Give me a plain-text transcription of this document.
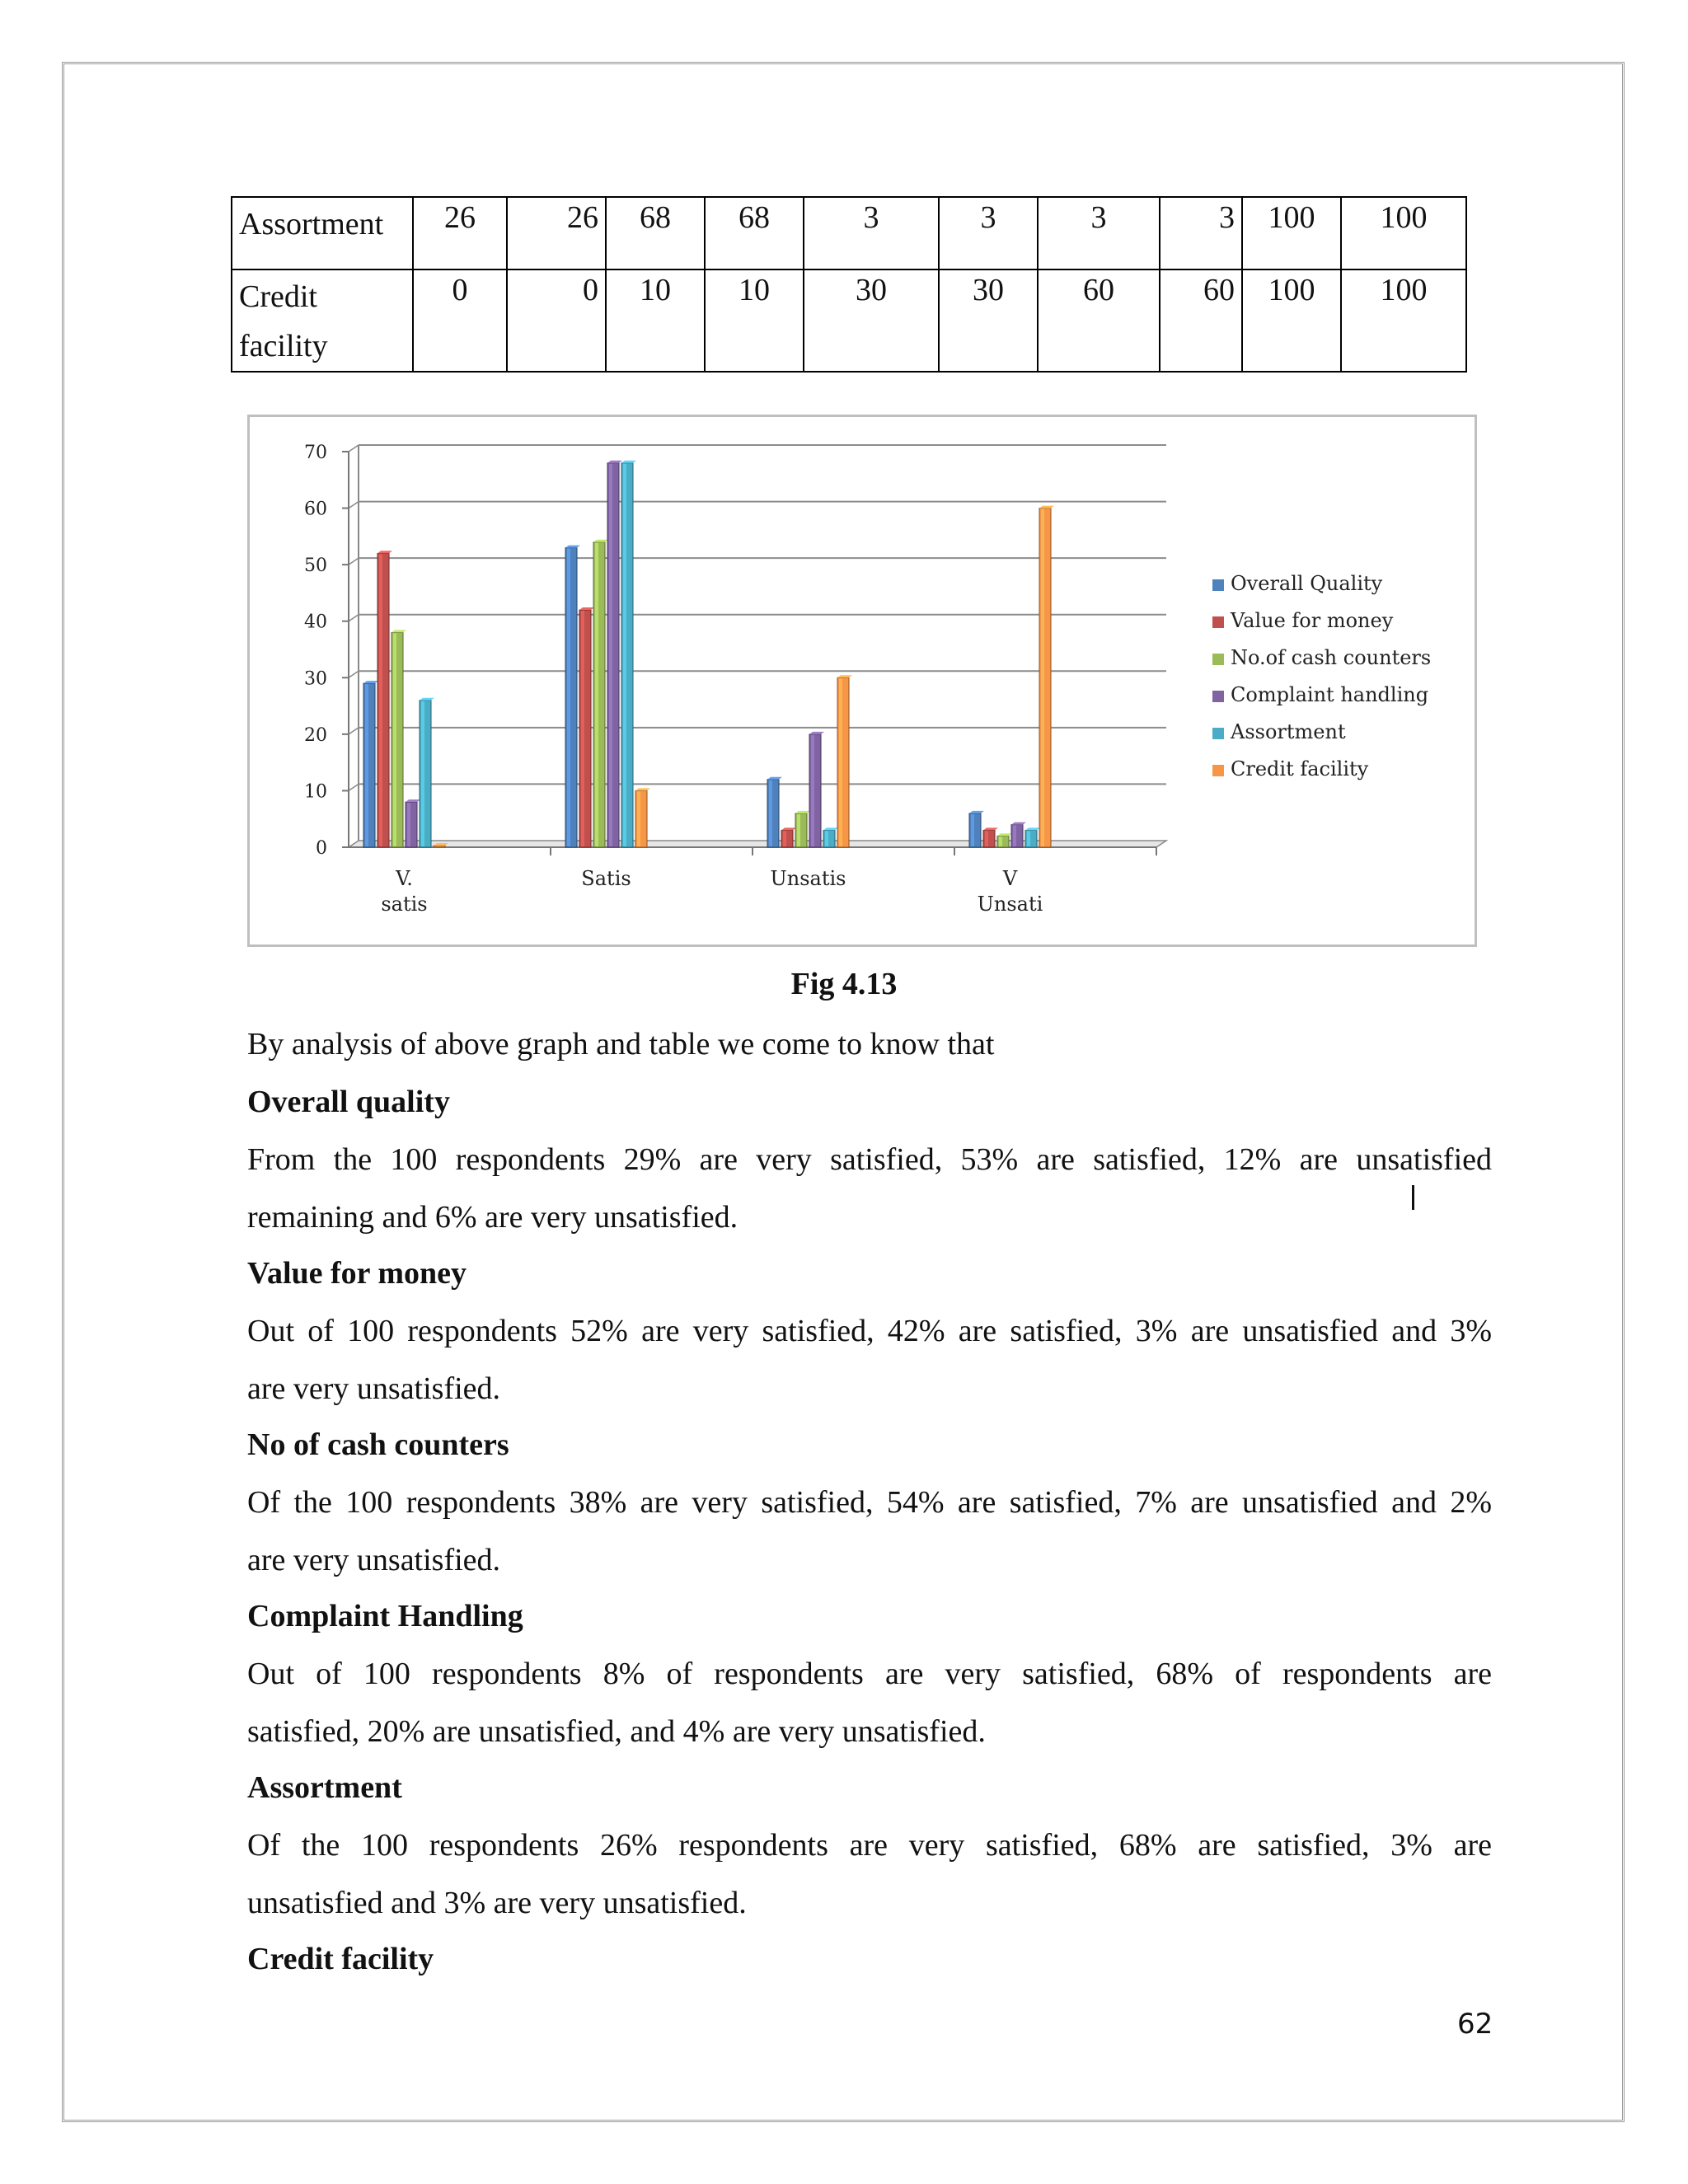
Assortment	26	26	68	68	3	3	3	3	100	100
Credit facility	0	0	10	10	30	30	60	60	100	100
0
10
20
30
40
50
60
70
V.
satis
Satis	Unsatis	V
Unsati
Overall Quality
Value for money
No.of cash counters
Complaint handling
Assortment
Credit facility
Fig 4.13
By analysis of above graph and table we come to know that
Overall quality
From the 100 respondents 29% are very satisfied, 53% are satisfied, 12% are unsatisfied
remaining and 6% are very unsatisfied.
Value for money
Out of 100 respondents 52% are very satisfied, 42% are satisfied, 3% are unsatisfied and 3%
are very unsatisfied.
No of cash counters
Of the 100 respondents 38% are very satisfied, 54% are satisfied, 7% are unsatisfied and 2%
are very unsatisfied.
Complaint Handling
Out of 100 respondents 8% of respondents are very satisfied, 68% of respondents are
satisfied, 20% are unsatisfied, and 4% are very unsatisfied.
Assortment
Of the 100 respondents 26% respondents are very satisfied, 68% are satisfied, 3% are
unsatisfied and 3% are very unsatisfied.
Credit facility
62
